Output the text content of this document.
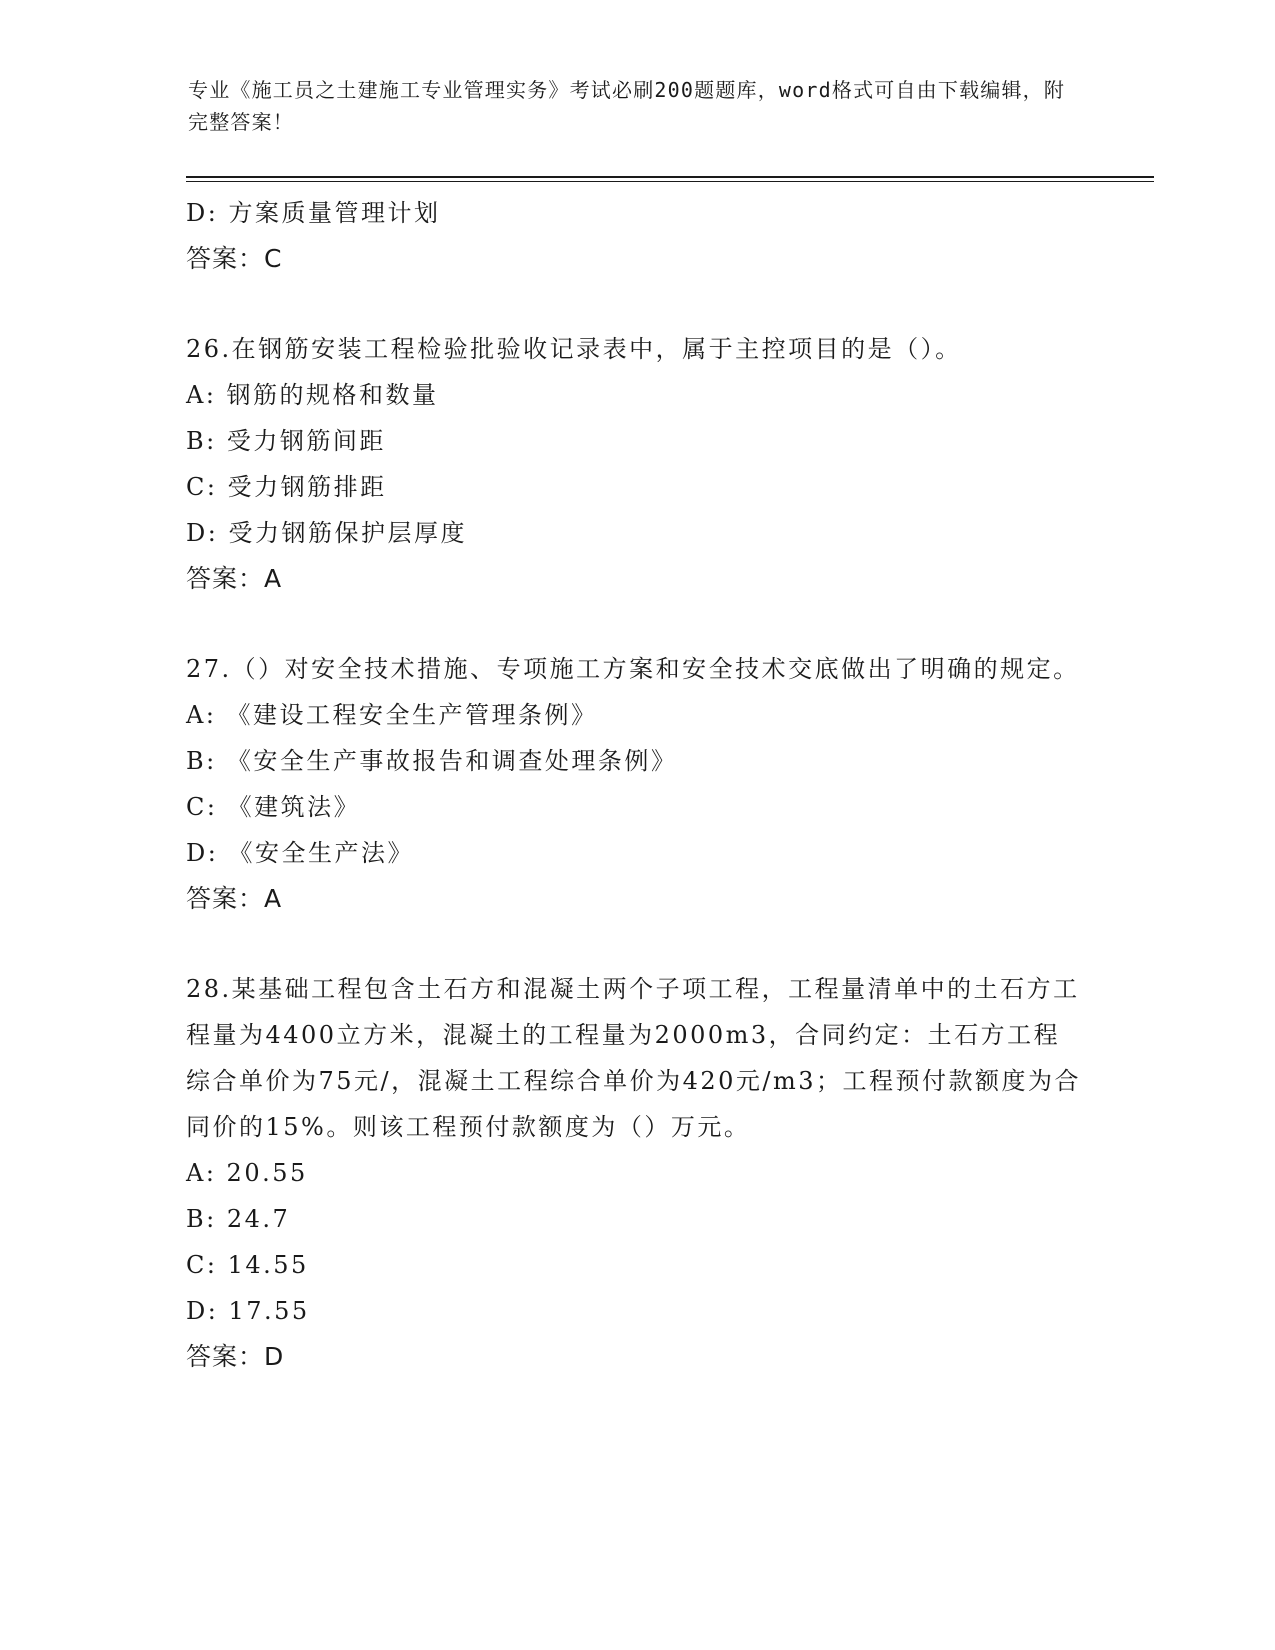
专业《施工员之土建施工专业管理实务》考试必刷200题题库，word格式可自由下载编辑，附完整答案！
D: 方案质量管理计划
答案：C
26.在钢筋安装工程检验批验收记录表中，属于主控项目的是（）。
A: 钢筋的规格和数量
B: 受力钢筋间距
C: 受力钢筋排距
D: 受力钢筋保护层厚度
答案：A
27.（）对安全技术措施、专项施工方案和安全技术交底做出了明确的规定。
A: 《建设工程安全生产管理条例》
B: 《安全生产事故报告和调查处理条例》
C: 《建筑法》
D: 《安全生产法》
答案：A
28.某基础工程包含土石方和混凝土两个子项工程，工程量清单中的土石方工程量为4400立方米，混凝土的工程量为2000m3，合同约定：土石方工程综合单价为75元/，混凝土工程综合单价为420元/m3；工程预付款额度为合同价的15%。则该工程预付款额度为（）万元。
A: 20.55
B: 24.7
C: 14.55
D: 17.55
答案：D
